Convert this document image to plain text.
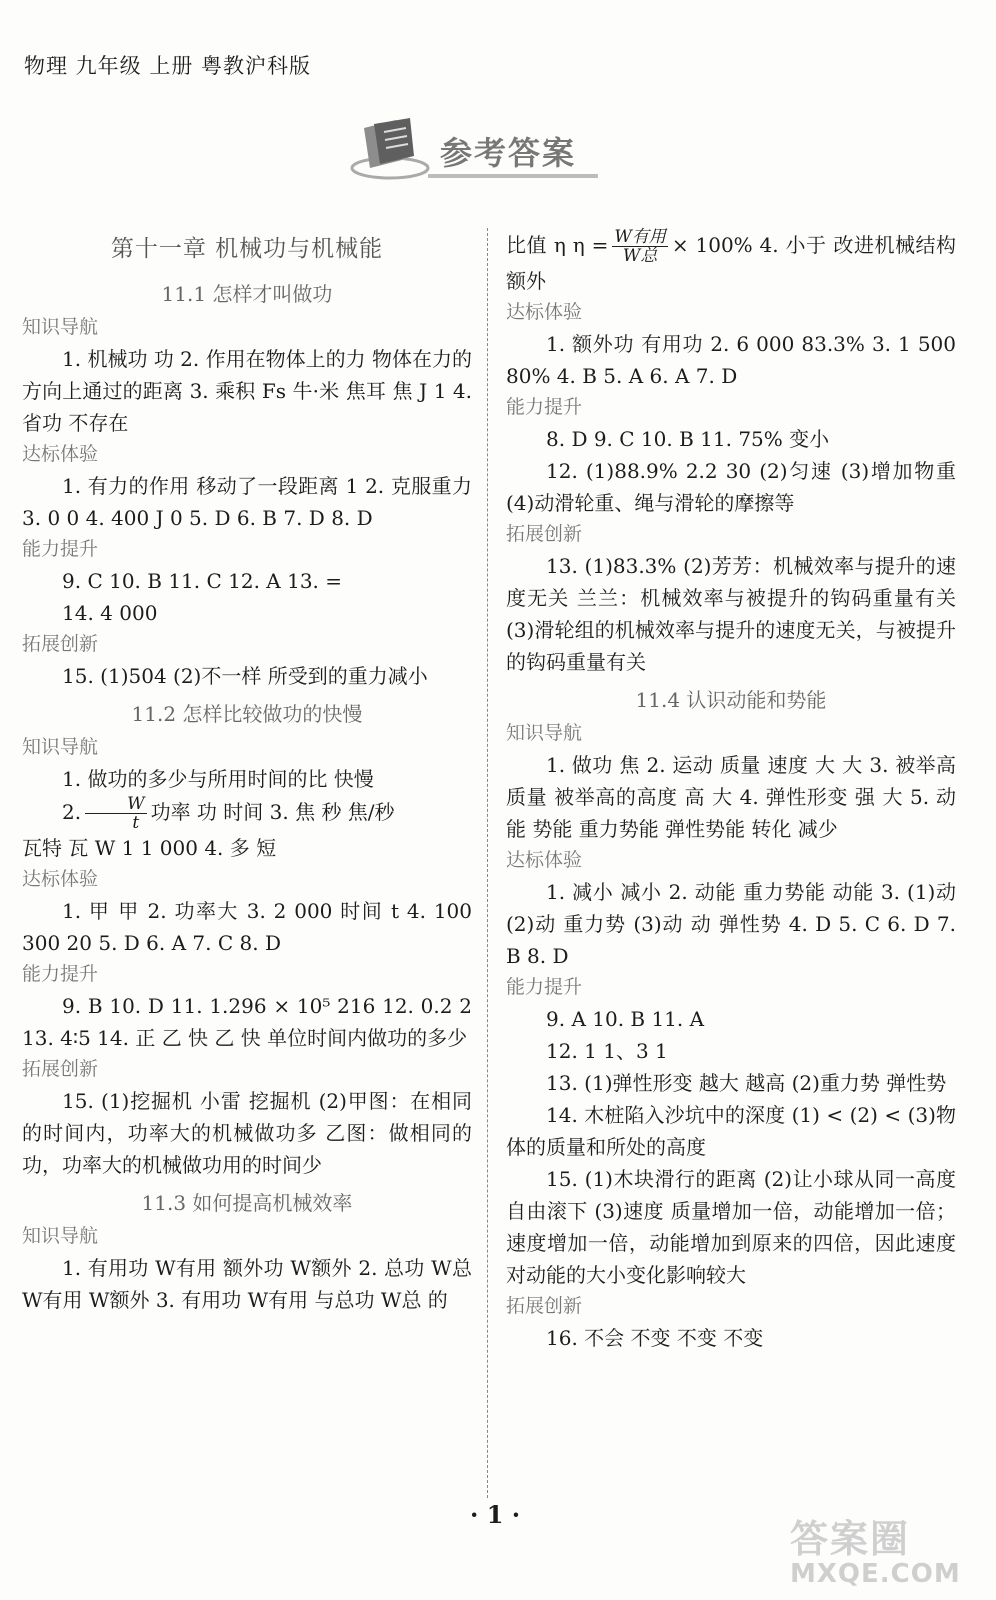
物理 九年级 上册 粤教沪科版
参考答案
第十一章 机械功与机械能
11.1 怎样才叫做功
知识导航
1. 机械功 功 2. 作用在物体上的力 物体在力的方向上通过的距离 3. 乘积 Fs 牛·米 焦耳 焦 J 1 4. 省功 不存在
达标体验
1. 有力的作用 移动了一段距离 1 2. 克服重力 3. 0 0 4. 400 J 0 5. D 6. B 7. D 8. D
能力提升
9. C 10. B 11. C 12. A 13. =
14. 4 000
拓展创新
15. (1)504 (2)不一样 所受到的重力减小
11.2 怎样比较做功的快慢
知识导航
1. 做功的多少与所用时间的比 快慢
2. $\frac{W}{t}$ 功率 功 时间 3. 焦 秒 焦/秒
瓦特 瓦 W 1 1 000 4. 多 短
达标体验
1. 甲 甲 2. 功率大 3. 2 000 时间 t 4. 100 300 20 5. D 6. A 7. C 8. D
能力提升
9. B 10. D 11. 1.296 × 10⁵ 216 12. 0.2 2 13. 4∶5 14. 正 乙 快 乙 快 单位时间内做功的多少
拓展创新
15. (1)挖掘机 小雷 挖掘机 (2)甲图：在相同的时间内，功率大的机械做功多 乙图：做相同的功，功率大的机械做功用的时间少
11.3 如何提高机械效率
知识导航
1. 有用功 W有用 额外功 W额外 2. 总功 W总 W有用 W额外 3. 有用功 W有用 与总功 W总 的
比值 η $\eta = \frac{\text{W有用}}{\text{W总}} \times 100\%$ 4. 小于 改进机械结构 额外
达标体验
1. 额外功 有用功 2. 6 000 83.3% 3. 1 500 80% 4. B 5. A 6. A 7. D
能力提升
8. D 9. C 10. B 11. 75% 变小
12. (1)88.9% 2.2 30 (2)匀速 (3)增加物重 (4)动滑轮重、绳与滑轮的摩擦等
拓展创新
13. (1)83.3% (2)芳芳：机械效率与提升的速度无关 兰兰：机械效率与被提升的钩码重量有关 (3)滑轮组的机械效率与提升的速度无关，与被提升的钩码重量有关
11.4 认识动能和势能
知识导航
1. 做功 焦 2. 运动 质量 速度 大 大 3. 被举高 质量 被举高的高度 高 大 4. 弹性形变 强 大 5. 动能 势能 重力势能 弹性势能 转化 减少
达标体验
1. 减小 减小 2. 动能 重力势能 动能 3. (1)动 (2)动 重力势 (3)动 动 弹性势 4. D 5. C 6. D 7. B 8. D
能力提升
9. A 10. B 11. A
12. 1 1、3 1
13. (1)弹性形变 越大 越高 (2)重力势 弹性势
14. 木桩陷入沙坑中的深度 (1) < (2) < (3)物体的质量和所处的高度
15. (1)木块滑行的距离 (2)让小球从同一高度自由滚下 (3)速度 质量增加一倍，动能增加一倍；速度增加一倍，动能增加到原来的四倍，因此速度对动能的大小变化影响较大
拓展创新
16. 不会 不变 不变 不变
· 1 ·
答案圈
MXQE.COM
